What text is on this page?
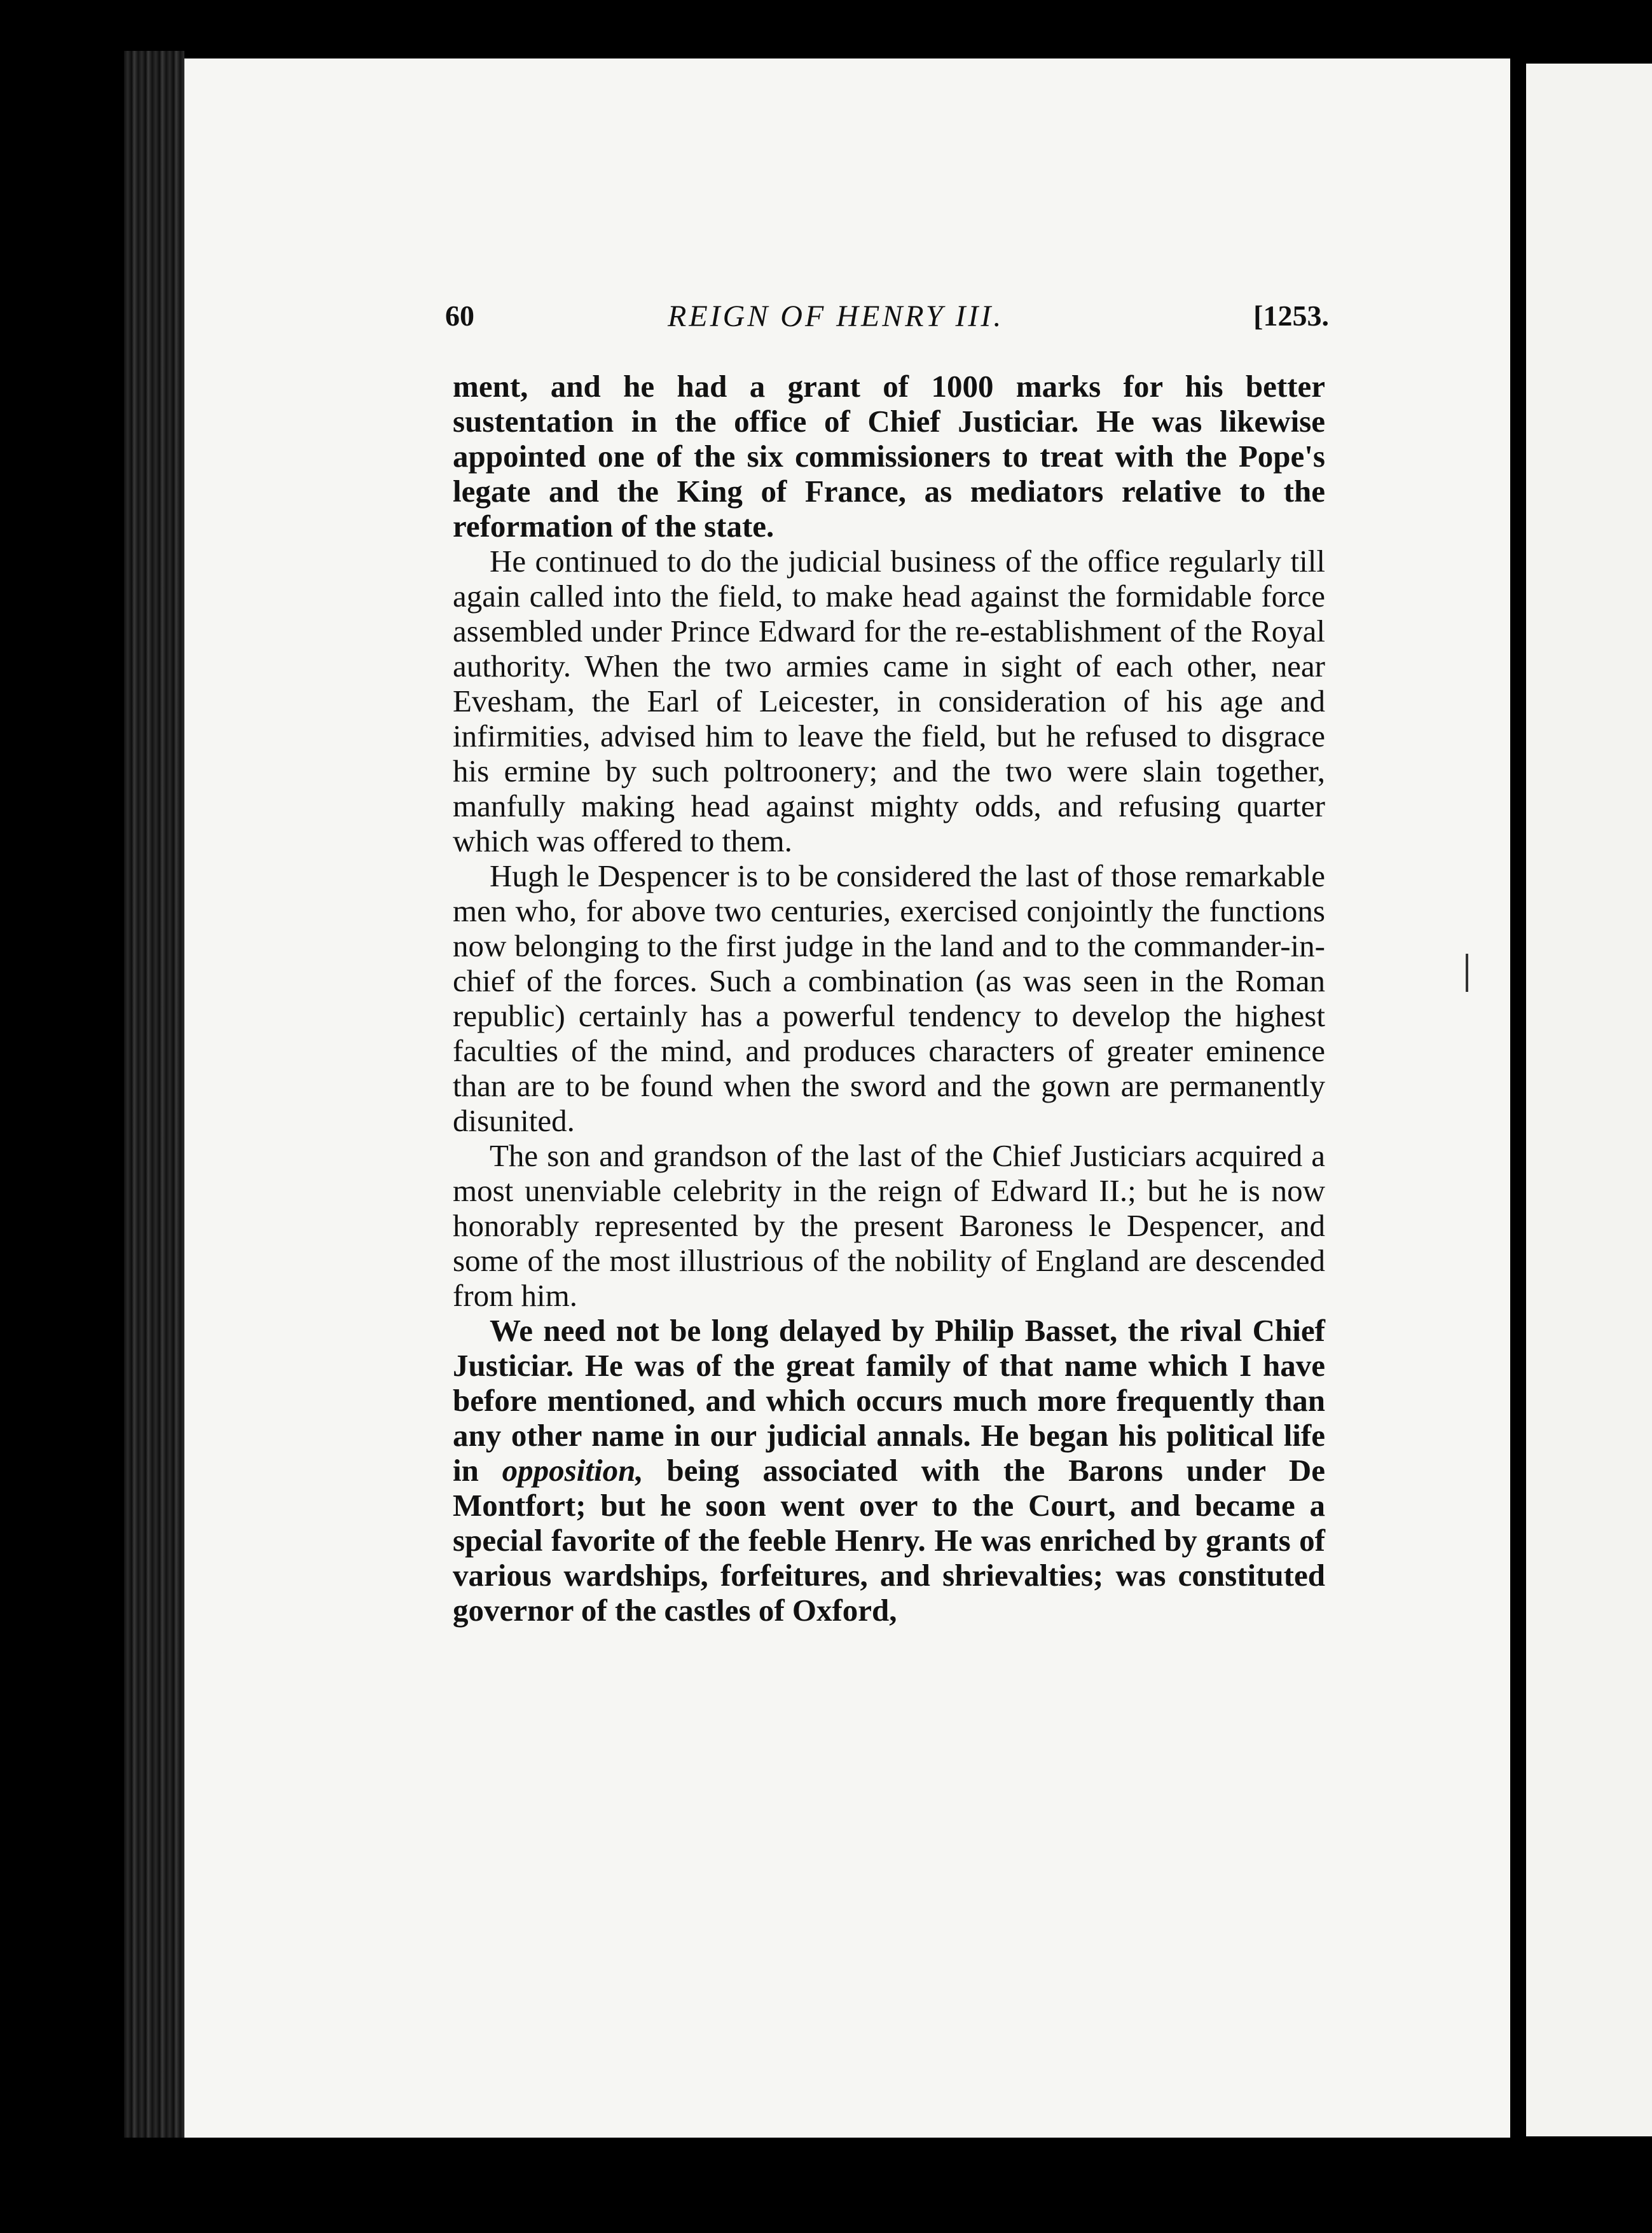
60	REIGN OF HENRY III.	[1253.

ment, and he had a grant of 1000 marks for his better sustentation in the office of Chief Justiciar. He was likewise appointed one of the six commissioners to treat with the Pope's legate and the King of France, as mediators relative to the reformation of the state.

He continued to do the judicial business of the office regularly till again called into the field, to make head against the formidable force assembled under Prince Edward for the re-establishment of the Royal authority. When the two armies came in sight of each other, near Evesham, the Earl of Leicester, in consideration of his age and infirmities, advised him to leave the field, but he refused to disgrace his ermine by such poltroonery; and the two were slain together, manfully making head against mighty odds, and refusing quarter which was offered to them.

Hugh le Despencer is to be considered the last of those remarkable men who, for above two centuries, exercised conjointly the functions now belonging to the first judge in the land and to the commander-in-chief of the forces. Such a combination (as was seen in the Roman republic) certainly has a powerful tendency to develop the highest faculties of the mind, and produces characters of greater eminence than are to be found when the sword and the gown are permanently disunited.

The son and grandson of the last of the Chief Justiciars acquired a most unenviable celebrity in the reign of Edward II.; but he is now honorably represented by the present Baroness le Despencer, and some of the most illustrious of the nobility of England are descended from him.

We need not be long delayed by Philip Basset, the rival Chief Justiciar. He was of the great family of that name which I have before mentioned, and which occurs much more frequently than any other name in our judicial annals. He began his political life in opposition, being associated with the Barons under De Montfort; but he soon went over to the Court, and became a special favorite of the feeble Henry. He was enriched by grants of various wardships, forfeitures, and shrievalties; was constituted governor of the castles of Oxford,
